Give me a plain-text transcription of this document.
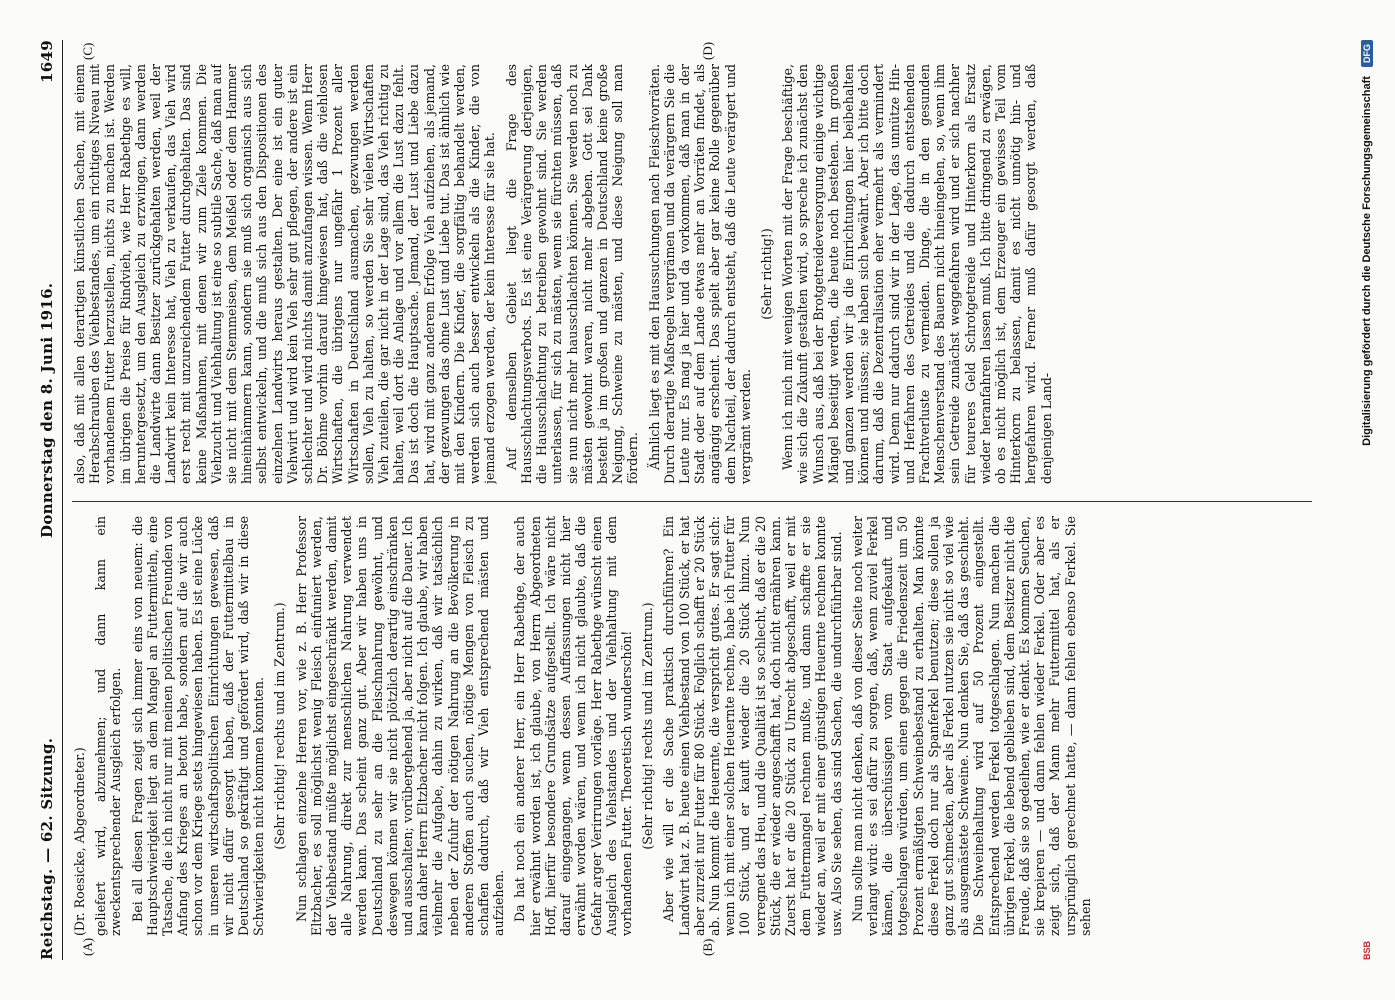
Reichstag. — 62. Sitzung.
Donnerstag den 8. Juni 1916.
1649
(A)	(B)
(C)	(D)

(Dr. Roesicke, Abgeordneter.) geliefert wird, abzunehmen; und dann kann ein zweckentsprechender Ausgleich erfolgen. Bei all diesen Fragen zeigt sich immer eins von neuem: die Hauptschwierigkeit liegt an dem Mangel an Futtermitteln, eine Tatsache, die ich nicht nur mit meinen politischen Freunden von Anfang des Krieges an betont habe, sondern auf die wir auch schon vor dem Kriege stets hingewiesen haben. Es ist eine Lücke in unseren wirtschaftspolitischen Einrichtungen gewesen, daß wir nicht dafür gesorgt haben, daß der Futtermittelbau in Deutschland so gekräftigt und gefördert wird, daß wir in diese Schwierigkeiten nicht kommen konnten. (Sehr richtig! rechts und im Zentrum.) Nun schlagen einzelne Herren vor, wie z. B. Herr Professor Eltzbacher, es soll möglichst wenig Fleisch einfuniert werden, der Viehbestand müßte möglichst eingeschränkt werden, damit alle Nahrung, direkt zur menschlichen Nahrung verwendet werden kann. Das scheint ganz gut. Aber wir haben uns in Deutschland zu sehr an die Fleischnahrung gewöhnt, und deswegen können wir sie nicht plötzlich derartig einschränken und ausschalten; vorübergehend ja, aber nicht auf die Dauer. Ich kann daher Herrn Eltzbacher nicht folgen. Ich glaube, wir haben vielmehr die Aufgabe, dahin zu wirken, daß wir tatsächlich neben der Zufuhr der nötigen Nahrung an die Bevölkerung in anderen Stoffen auch suchen, nötige Mengen von Fleisch zu schaffen dadurch, daß wir Vieh entsprechend mästen und aufziehen. Da hat noch ein anderer Herr, ein Herr Rabethge, der auch hier erwähnt worden ist, ich glaube, von Herrn Abgeordneten Hoff, hierfür besondere Grundsätze aufgestellt. Ich wäre nicht darauf eingegangen, wenn dessen Auffassungen nicht hier erwähnt worden wären, und wenn ich nicht glaubte, daß die Gefahr arger Verirrungen vorläge. Herr Rabethge wünscht einen Ausgleich des Viehstandes und der Viehhaltung mit dem vorhandenen Futter. Theoretisch wunderschön! (Sehr richtig! rechts und im Zentrum.) Aber wie will er die Sache praktisch durchführen? Ein Landwirt hat z. B. heute einen Viehbestand von 100 Stück, er hat aber zurzeit nur Futter für 80 Stück. Folglich schafft er 20 Stück ab. Nun kommt die Heuernte, die verspricht gutes. Er sagt sich: wenn ich mit einer solchen Heuernte rechne, habe ich Futter für 100 Stück, und er kauft wieder die 20 Stück hinzu. Nun verregnet das Heu, und die Qualität ist so schlecht, daß er die 20 Stück, die er wieder angeschafft hat, doch nicht ernähren kann. Zuerst hat er die 20 Stück zu Unrecht abgeschafft, weil er mit dem Futtermangel rechnen mußte, und dann schaffte er sie wieder an, weil er mit einer günstigen Heuernte rechnen konnte usw. Also Sie sehen, das sind Sachen, die undurchführbar sind. Nun sollte man nicht denken, daß von dieser Seite noch weiter verlangt wird: es sei dafür zu sorgen, daß, wenn zuviel Ferkel kämen, die überschüssigen vom Staat aufgekauft und totgeschlagen würden, um einen gegen die Friedenszeit um 50 Prozent ermäßigten Schweinebestand zu erhalten. Man könnte diese Ferkel doch nur als Spanferkel benutzen; diese sollen ja ganz gut schmecken, aber als Ferkel nutzen sie nicht so viel wie als ausgemästete Schweine. Nun denken Sie, daß das geschieht. Die Schweinehaltung wird auf 50 Prozent eingestellt. Entsprechend werden Ferkel totgeschlagen. Nun machen die übrigen Ferkel, die lebend geblieben sind, dem Besitzer nicht die Freude, daß sie so gedeihen, wie er denkt. Es kommen Seuchen, sie krepieren — und dann fehlen wieder Ferkel. Oder aber es zeigt sich, daß der Mann mehr Futtermittel hat, als er ursprünglich gerechnet hatte, — dann fehlen ebenso Ferkel. Sie sehen

also, daß mit allen derartigen künstlichen Sachen, mit einem Herabschrauben des Viehbestandes, um ein richtiges Niveau mit vorhandenem Futter herzustellen, nichts zu machen ist. Werden im übrigen die Preise für Rindvieh, wie Herr Rabethge es will, heruntergesetzt, um den Ausgleich zu erzwingen, dann werden die Landwirte dann Besitzer zurückgehalten werden, weil der Landwirt kein Interesse hat, Vieh zu verkaufen, das Vieh wird erst recht mit unzureichendem Futter durchgehalten. Das sind keine Maßnahmen, mit denen wir zum Ziele kommen. Die Viehzucht und Viehhaltung ist eine so subtile Sache, daß man auf sie nicht mit dem Stemmeisen, dem Meißel oder dem Hammer hineinhämmern kann, sondern sie muß sich organisch aus sich selbst entwickeln, und die muß sich aus den Dispositionen des einzelnen Landwirts heraus gestalten. Der eine ist ein guter Viehwirt und wird kein Vieh sehr gut pflegen, der andere ist ein schlechter und wird nichts damit anzufangen wissen. Wenn Herr Dr. Böhme vorhin darauf hingewiesen hat, daß die viehlosen Wirtschaften, die übrigens nur ungefähr 1 Prozent aller Wirtschaften in Deutschland ausmachen, gezwungen werden sollen, Vieh zu halten, so werden Sie sehr vielen Wirtschaften Vieh zuteilen, die gar nicht in der Lage sind, das Vieh richtig zu halten, weil dort die Anlage und vor allem die Lust dazu fehlt. Das ist doch die Hauptsache. Jemand, der Lust und Liebe dazu hat, wird mit ganz anderem Erfolge Vieh aufziehen, als jemand, der gezwungen das ohne Lust und Liebe tut. Das ist ähnlich wie mit den Kindern. Die Kinder, die sorgfältig behandelt werden, werden sich auch besser entwickeln als die Kinder, die von jemand erzogen werden, der kein Interesse für sie hat. Auf demselben Gebiet liegt die Frage des Hausschlachtungsverbots. Es ist eine Verärgerung derjenigen, die Hausschlachtung zu betreiben gewohnt sind. Sie werden unterlassen, für sich zu mästen, wenn sie fürchten müssen, daß sie nun nicht mehr hausschlachten können. Sie werden noch zu mästen gewohnt waren, nicht mehr abgeben. Gott sei Dank besteht ja im großen und ganzen in Deutschland keine große Neigung, Schweine zu mästen, und diese Neigung soll man fördern. Ähnlich liegt es mit den Haussuchungen nach Fleischvorräten. Durch derartige Maßregeln vergrämen und da verärgern Sie die Leute nur. Es mag ja hier und da vorkommen, daß man in der Stadt oder auf dem Lande etwas mehr an Vorräten findet, als angängig erscheint. Das spielt aber gar keine Rolle gegenüber dem Nachteil, der dadurch entsteht, daß die Leute verärgert und vergrämt werden.

(Sehr richtig!) Wenn ich mich mit wenigen Worten mit der Frage beschäftige, wie sich die Zukunft gestalten wird, so spreche ich zunächst den Wunsch aus, daß bei der Brotgetreideversorgung einige wichtige Mängel beseitigt werden, die heute noch bestehen. Im großen und ganzen werden wir ja die Einrichtungen hier beibehalten können und müssen; sie haben sich bewährt. Aber ich bitte doch darum, daß die Dezentralisation eher vermehrt als vermindert wird. Denn nur dadurch sind wir in der Lage, das unnütze Hin- und Herfahren des Getreides und die dadurch entstehenden Frachtverluste zu vermeiden. Dinge, die in den gesunden Menschenverstand des Bauern nicht hineingehen, so, wenn ihm sein Getreide zunächst weggefahren wird und er sich nachher für teureres Geld Schrotgetreide und Hinterkorn als Ersatz wieder heranfahren lassen muß. Ich bitte dringend zu erwägen, ob es nicht möglich ist, dem Erzeuger ein gewisses Teil vom Hinterkorn zu belassen, damit es nicht unnötig hin- und hergefahren wird. Ferner muß dafür gesorgt werden, daß denjenigen Land-

BSB
Digitalisierung gefördert durch die Deutsche Forschungsgemeinschaft DFG
